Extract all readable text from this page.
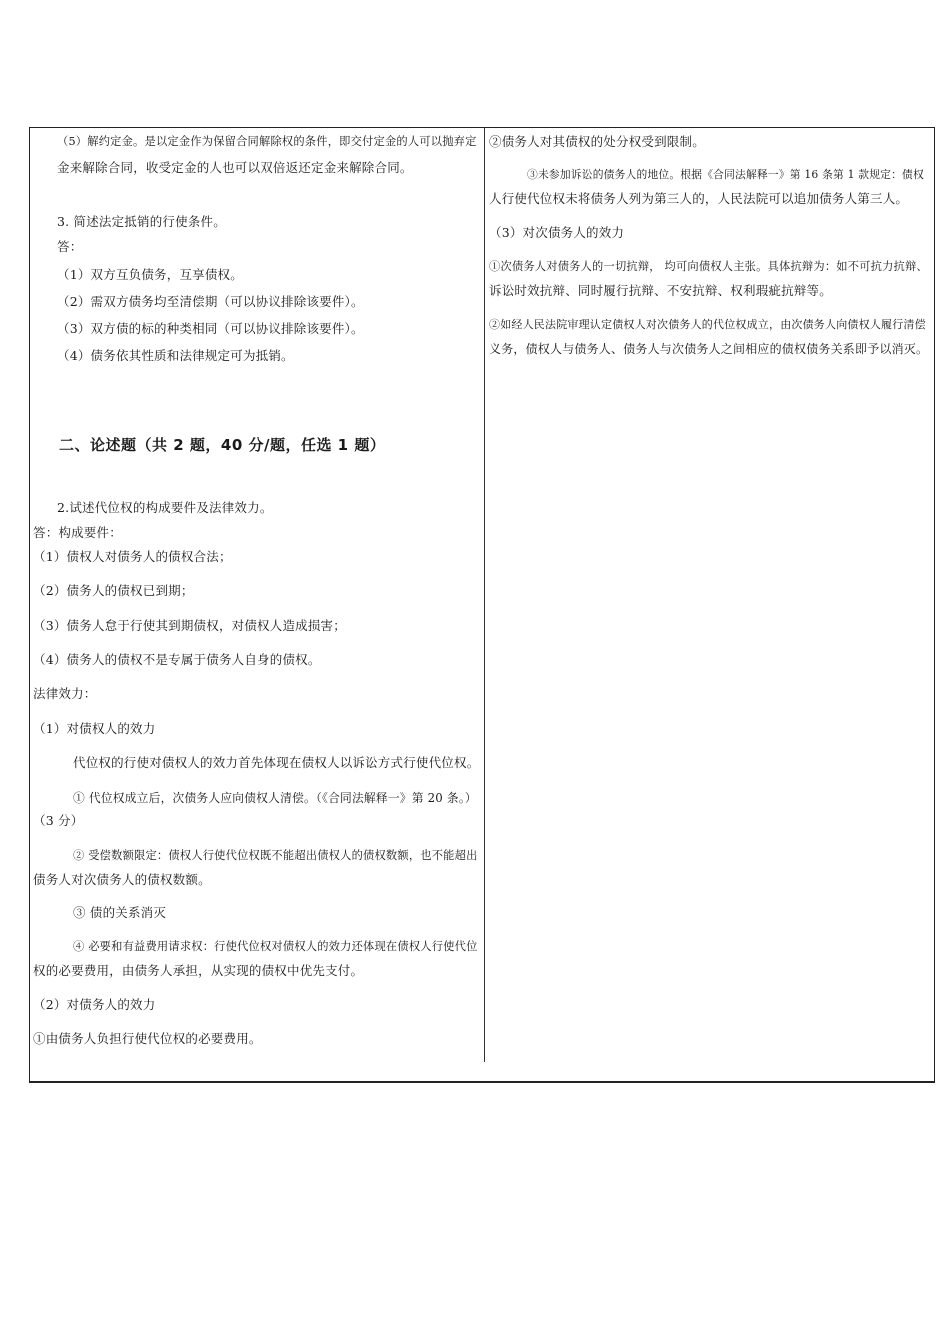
（5）解约定金。是以定金作为保留合同解除权的条件，即交付定金的人可以抛弃定
金来解除合同，收受定金的人也可以双倍返还定金来解除合同。
3. 简述法定抵销的行使条件。
答：
（1）双方互负债务，互享债权。
（2）需双方债务均至清偿期（可以协议排除该要件）。
（3）双方债的标的种类相同（可以协议排除该要件）。
（4）债务依其性质和法律规定可为抵销。
二、论述题（共 2 题，40 分/题，任选 1 题）
2.试述代位权的构成要件及法律效力。
答：构成要件：
（1）债权人对债务人的债权合法；
（2）债务人的债权已到期；
（3）债务人怠于行使其到期债权，对债权人造成损害；
（4）债务人的债权不是专属于债务人自身的债权。
法律效力：
（1）对债权人的效力
代位权的行使对债权人的效力首先体现在债权人以诉讼方式行使代位权。
① 代位权成立后，次债务人应向债权人清偿。（《合同法解释一》第 20 条。）
（3 分）
② 受偿数额限定：债权人行使代位权既不能超出债权人的债权数额，也不能超出
债务人对次债务人的债权数额。
③ 债的关系消灭
④ 必要和有益费用请求权：行使代位权对债权人的效力还体现在债权人行使代位
权的必要费用，由债务人承担，从实现的债权中优先支付。
（2）对债务人的效力
①由债务人负担行使代位权的必要费用。
②债务人对其债权的处分权受到限制。
③未参加诉讼的债务人的地位。根据《合同法解释一》第 16 条第 1 款规定：债权
人行使代位权未将债务人列为第三人的，人民法院可以追加债务人第三人。
（3）对次债务人的效力
①次债务人对债务人的一切抗辩， 均可向债权人主张。具体抗辩为：如不可抗力抗辩、
诉讼时效抗辩、同时履行抗辩、不安抗辩、权利瑕疵抗辩等。
②如经人民法院审理认定债权人对次债务人的代位权成立，由次债务人向债权人履行清偿
义务，债权人与债务人、债务人与次债务人之间相应的债权债务关系即予以消灭。
